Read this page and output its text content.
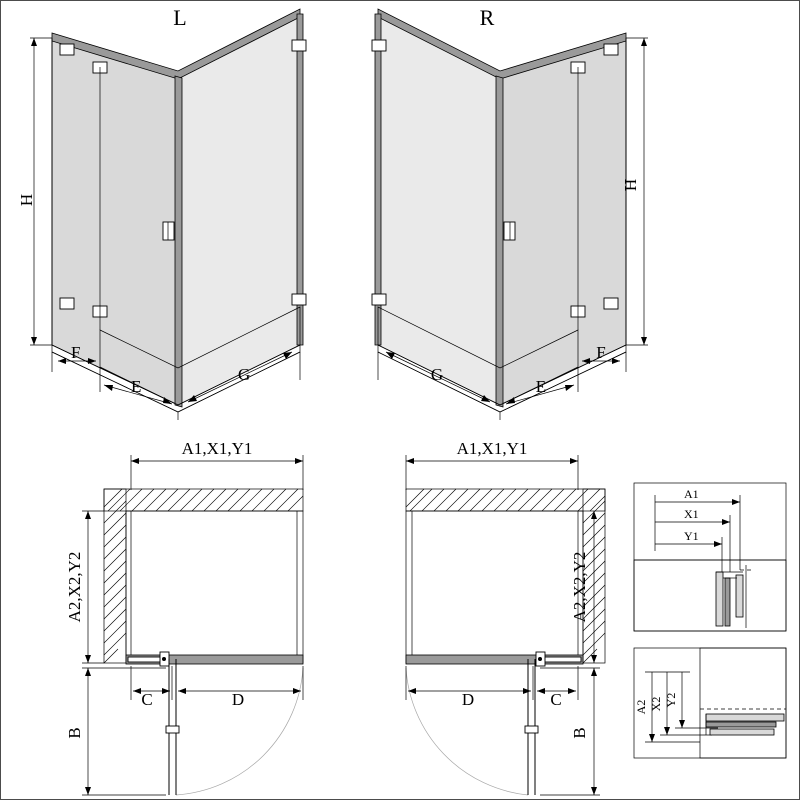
F
E
G
H
L
F
E
G
H
R
A1,X1,Y1
C	D
A2,X2,Y2
B
A1,X1,Y1
D	C
A2,X2,Y2
B
A1
X1
Y1
A2 X2 Y2
